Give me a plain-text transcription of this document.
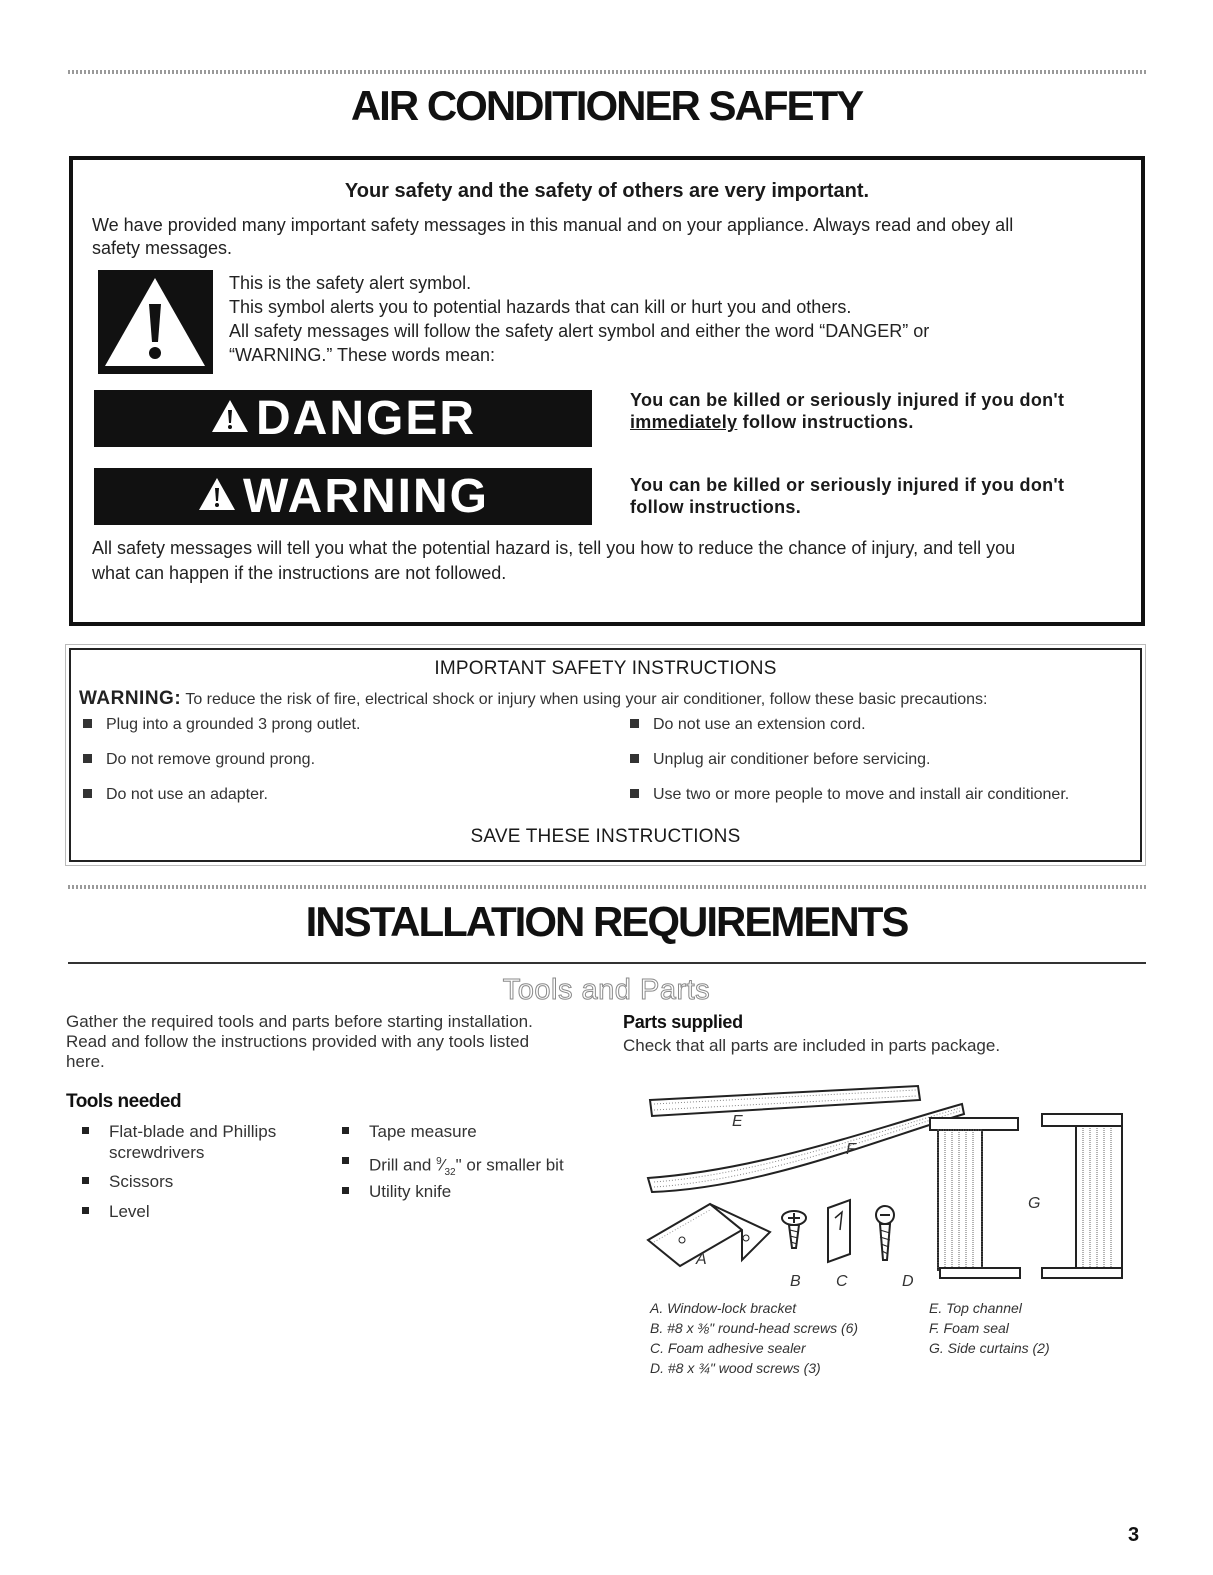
AIR CONDITIONER SAFETY
Your safety and the safety of others are very important.
We have provided many important safety messages in this manual and on your appliance. Always read and obey all
safety messages.
This is the safety alert symbol.
This symbol alerts you to potential hazards that can kill or hurt you and others.
All safety messages will follow the safety alert symbol and either the word “DANGER” or
“WARNING.” These words mean:
DANGER	You can be killed or seriously injured if you don't
immediately follow instructions.
WARNING	You can be killed or seriously injured if you don't
follow instructions.
All safety messages will tell you what the potential hazard is, tell you how to reduce the chance of injury, and tell you
what can happen if the instructions are not followed.
IMPORTANT SAFETY INSTRUCTIONS
WARNING: To reduce the risk of fire, electrical shock or injury when using your air conditioner, follow these basic precautions:
Plug into a grounded 3 prong outlet.
Do not remove ground prong.
Do not use an adapter.
Do not use an extension cord.
Unplug air conditioner before servicing.
Use two or more people to move and install air conditioner.
SAVE THESE INSTRUCTIONS
INSTALLATION REQUIREMENTS
Tools and Parts
Gather the required tools and parts before starting installation.
Read and follow the instructions provided with any tools listed
here.
Tools needed
Flat-blade and Phillips
screwdrivers
Scissors
Level
Tape measure
Drill and $^9⁄_{32}$" or smaller bit
Utility knife
Parts supplied
Check that all parts are included in parts package.
E
F
A
B C	D
G
A. Window-lock bracket
B. #8 x ⅜" round-head screws (6)
C. Foam adhesive sealer
D. #8 x ¾" wood screws (3)
E. Top channel
F. Foam seal
G. Side curtains (2)
3
